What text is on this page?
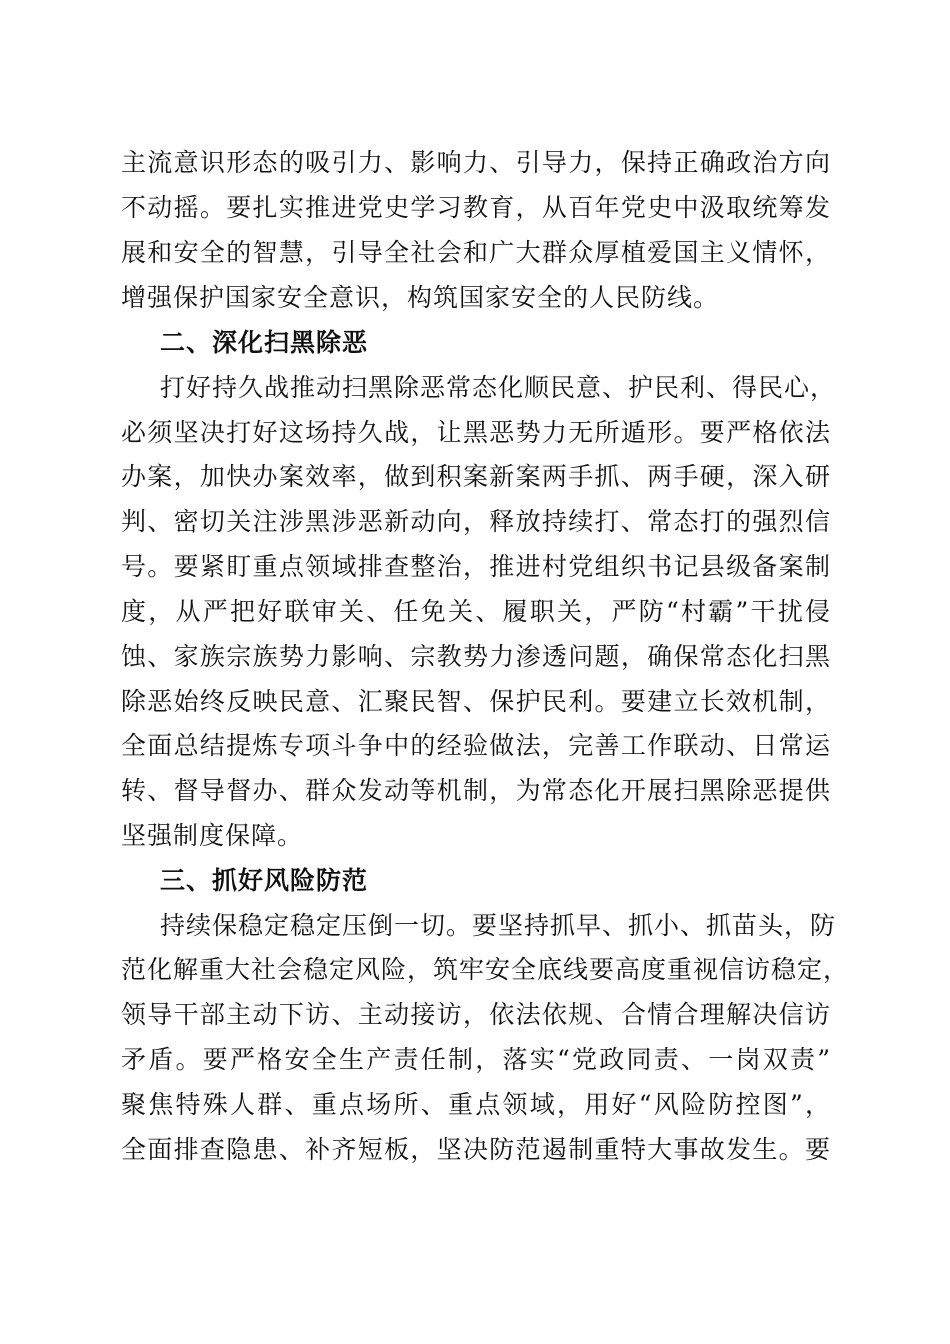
主流意识形态的吸引力、影响力、引导力，保持正确政治方向
不动摇。要扎实推进党史学习教育，从百年党史中汲取统筹发
展和安全的智慧，引导全社会和广大群众厚植爱国主义情怀，
增强保护国家安全意识，构筑国家安全的人民防线。
二、深化扫黑除恶
打好持久战推动扫黑除恶常态化顺民意、护民利、得民心，
必须坚决打好这场持久战，让黑恶势力无所遁形。要严格依法
办案，加快办案效率，做到积案新案两手抓、两手硬，深入研
判、密切关注涉黑涉恶新动向，释放持续打、常态打的强烈信
号。要紧盯重点领域排查整治，推进村党组织书记县级备案制
度，从严把好联审关、任免关、履职关，严防“村霸”干扰侵
蚀、家族宗族势力影响、宗教势力渗透问题，确保常态化扫黑
除恶始终反映民意、汇聚民智、保护民利。要建立长效机制，
全面总结提炼专项斗争中的经验做法，完善工作联动、日常运
转、督导督办、群众发动等机制，为常态化开展扫黑除恶提供
坚强制度保障。
三、抓好风险防范
持续保稳定稳定压倒一切。要坚持抓早、抓小、抓苗头，防
范化解重大社会稳定风险，筑牢安全底线要高度重视信访稳定，
领导干部主动下访、主动接访，依法依规、合情合理解决信访
矛盾。要严格安全生产责任制，落实“党政同责、一岗双责”
聚焦特殊人群、重点场所、重点领域，用好“风险防控图”，
全面排查隐患、补齐短板，坚决防范遏制重特大事故发生。要
